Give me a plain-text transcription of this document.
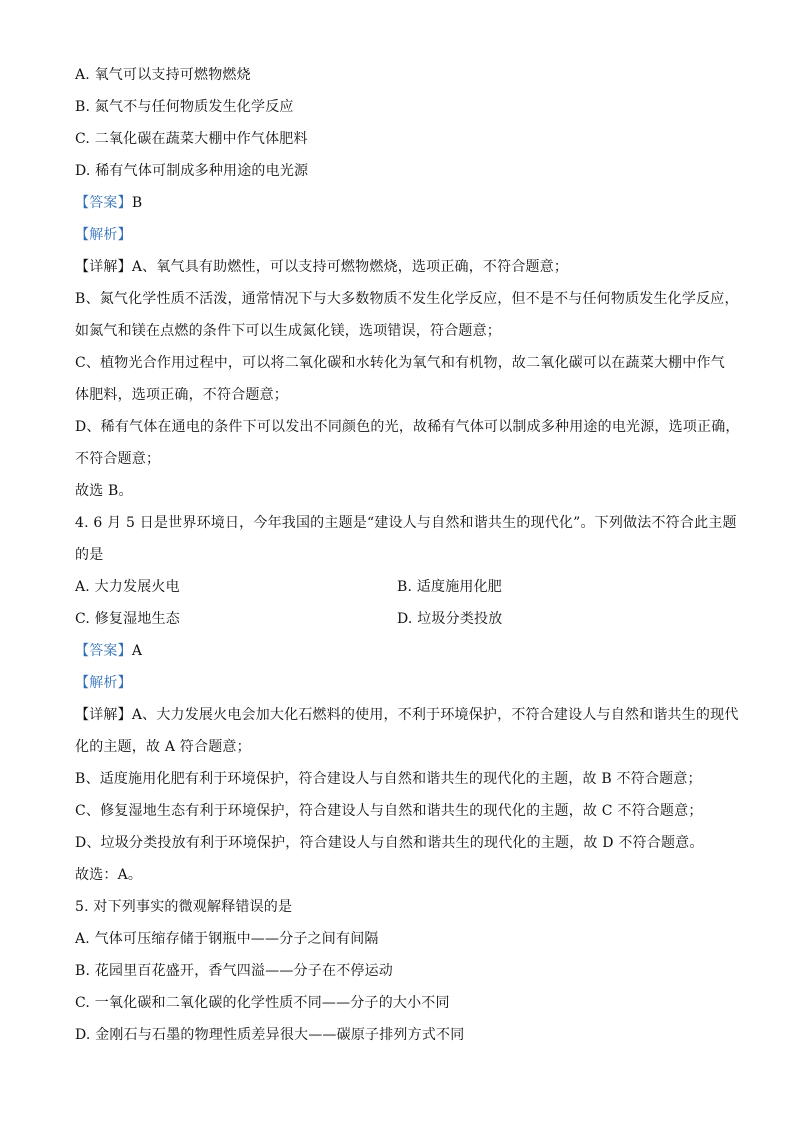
A. 氧气可以支持可燃物燃烧
B. 氮气不与任何物质发生化学反应
C. 二氧化碳在蔬菜大棚中作气体肥料
D. 稀有气体可制成多种用途的电光源
【答案】B
【解析】
【详解】A、氧气具有助燃性，可以支持可燃物燃烧，选项正确，不符合题意；
B、氮气化学性质不活泼，通常情况下与大多数物质不发生化学反应，但不是不与任何物质发生化学反应，
如氮气和镁在点燃的条件下可以生成氮化镁，选项错误，符合题意；
C、植物光合作用过程中，可以将二氧化碳和水转化为氧气和有机物，故二氧化碳可以在蔬菜大棚中作气
体肥料，选项正确，不符合题意；
D、稀有气体在通电的条件下可以发出不同颜色的光，故稀有气体可以制成多种用途的电光源，选项正确，
不符合题意；
故选 B。
4. 6 月 5 日是世界环境日，今年我国的主题是“建设人与自然和谐共生的现代化”。下列做法不符合此主题
的是
A. 大力发展火电	B. 适度施用化肥
C. 修复湿地生态	D. 垃圾分类投放
【答案】A
【解析】
【详解】A、大力发展火电会加大化石燃料的使用，不利于环境保护，不符合建设人与自然和谐共生的现代
化的主题，故 A 符合题意；
B、适度施用化肥有利于环境保护，符合建设人与自然和谐共生的现代化的主题，故 B 不符合题意；
C、修复湿地生态有利于环境保护，符合建设人与自然和谐共生的现代化的主题，故 C 不符合题意；
D、垃圾分类投放有利于环境保护，符合建设人与自然和谐共生的现代化的主题，故 D 不符合题意。
故选：A。
5. 对下列事实的微观解释错误的是
A. 气体可压缩存储于钢瓶中——分子之间有间隔
B. 花园里百花盛开，香气四溢——分子在不停运动
C. 一氧化碳和二氧化碳的化学性质不同——分子的大小不同
D. 金刚石与石墨的物理性质差异很大——碳原子排列方式不同
